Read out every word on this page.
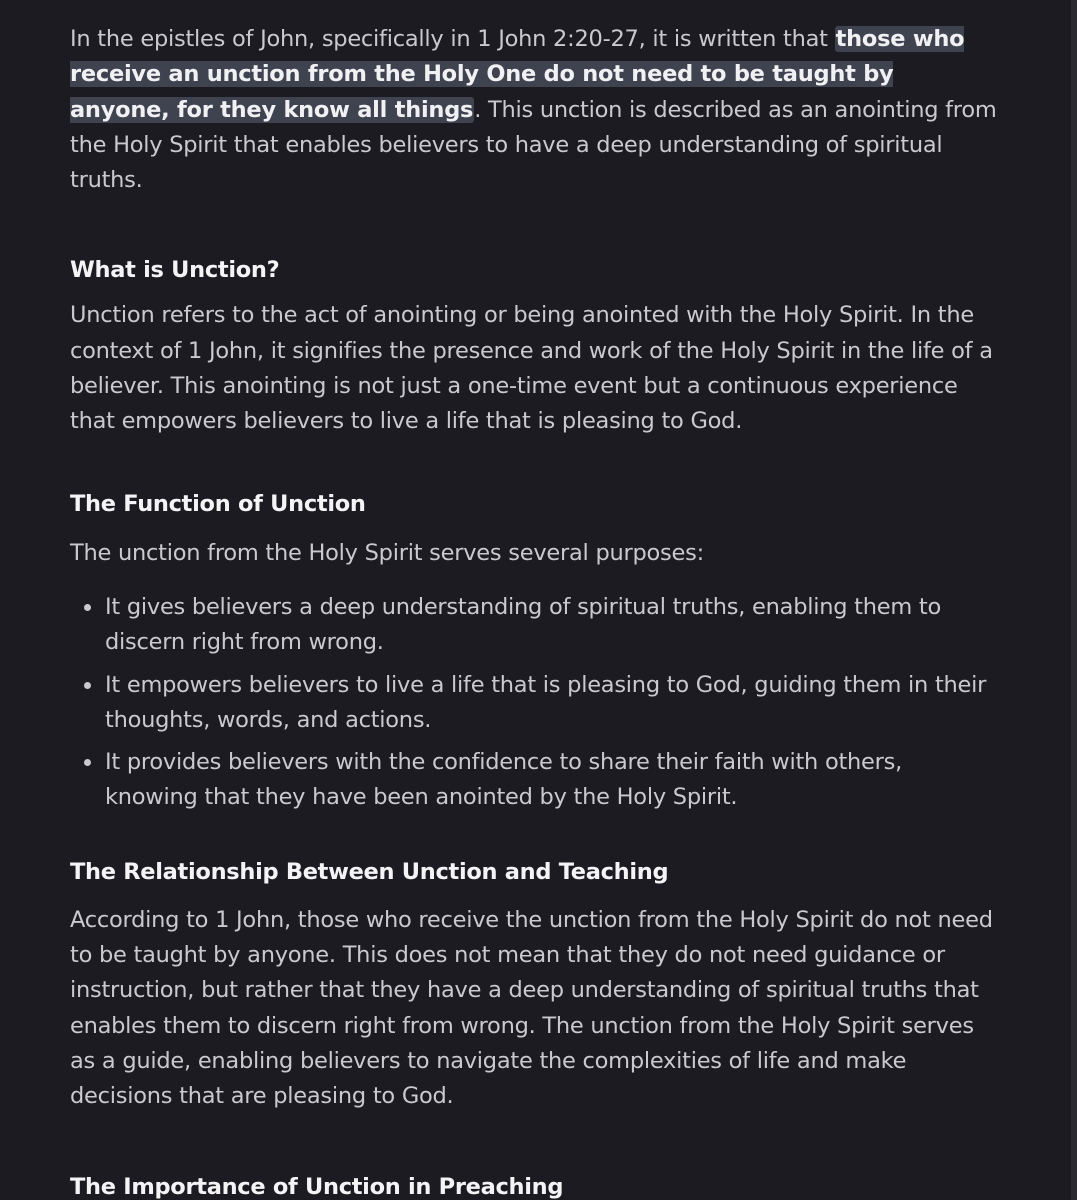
In the epistles of John, specifically in 1 John 2:20-27, it is written that those who receive an unction from the Holy One do not need to be taught by anyone, for they know all things. This unction is described as an anointing from the Holy Spirit that enables believers to have a deep understanding of spiritual truths.

What is Unction?

Unction refers to the act of anointing or being anointed with the Holy Spirit. In the context of 1 John, it signifies the presence and work of the Holy Spirit in the life of a believer. This anointing is not just a one-time event but a continuous experience that empowers believers to live a life that is pleasing to God.

The Function of Unction

The unction from the Holy Spirit serves several purposes:

It gives believers a deep understanding of spiritual truths, enabling them to discern right from wrong.
It empowers believers to live a life that is pleasing to God, guiding them in their thoughts, words, and actions.
It provides believers with the confidence to share their faith with others, knowing that they have been anointed by the Holy Spirit.
The Relationship Between Unction and Teaching

According to 1 John, those who receive the unction from the Holy Spirit do not need to be taught by anyone. This does not mean that they do not need guidance or instruction, but rather that they have a deep understanding of spiritual truths that enables them to discern right from wrong. The unction from the Holy Spirit serves as a guide, enabling believers to navigate the complexities of life and make decisions that are pleasing to God.

The Importance of Unction in Preaching
